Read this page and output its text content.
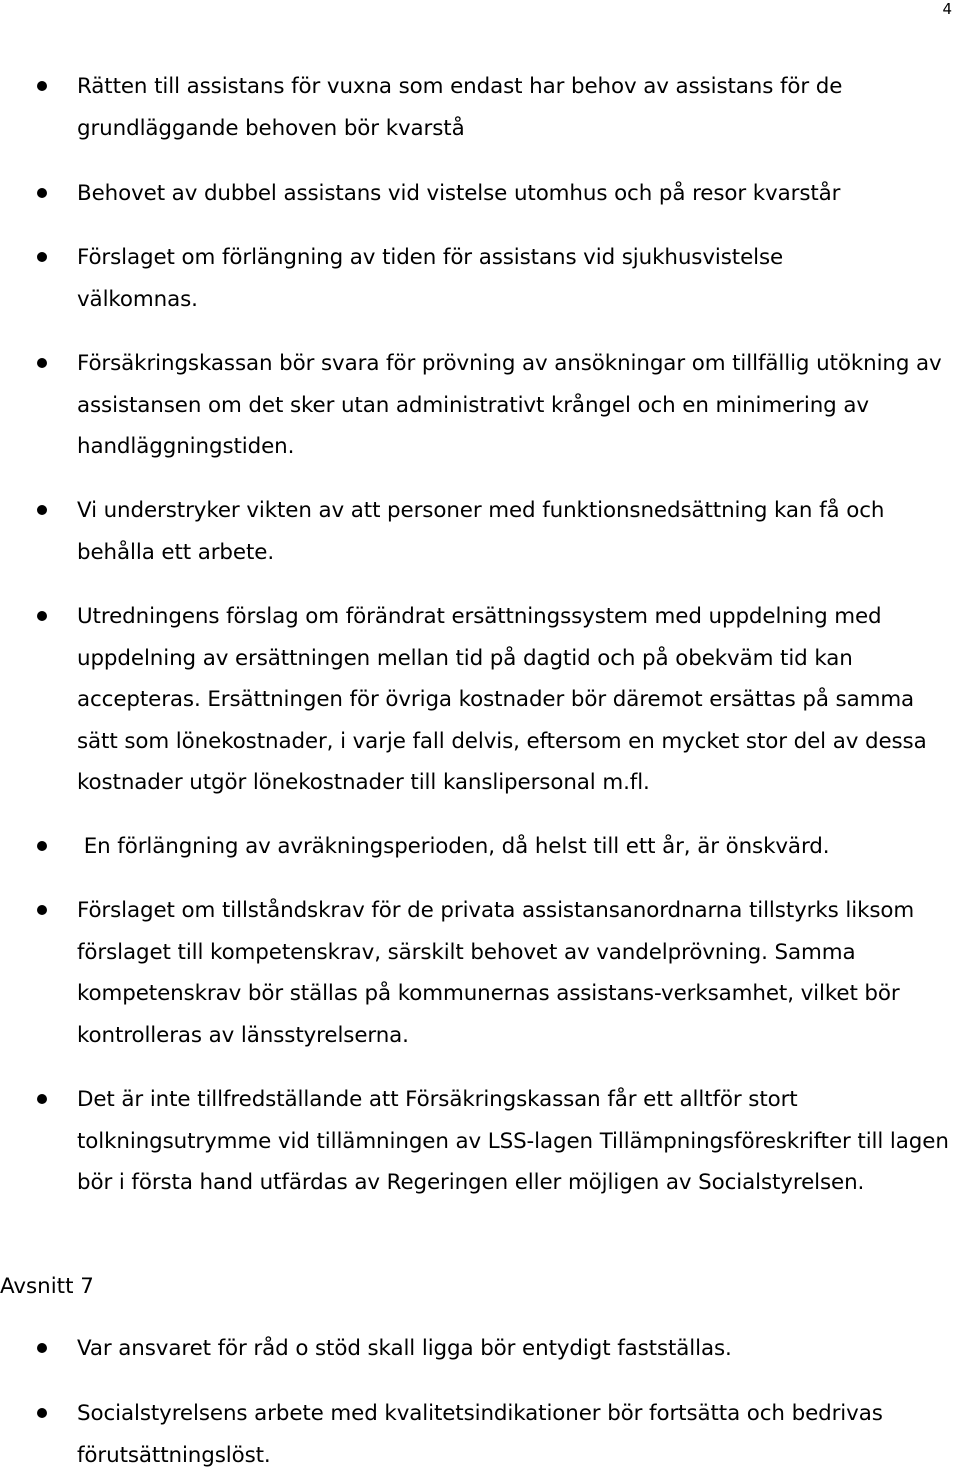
4
Rätten till assistans för vuxna som endast har behov av assistans för de grundläggande behoven bör kvarstå
Behovet av dubbel assistans vid vistelse utomhus och på resor kvarstår
Förslaget om förlängning av tiden för assistans vid sjukhusvistelse välkomnas.
Försäkringskassan bör svara för prövning av ansökningar om tillfällig utökning av assistansen om det sker utan administrativt krångel och en minimering av handläggningstiden.
Vi understryker vikten av att personer med funktionsnedsättning kan få och behålla ett arbete.
Utredningens förslag om förändrat ersättningssystem med uppdelning med uppdelning av ersättningen mellan tid på dagtid och på obekväm tid kan accepteras. Ersättningen för övriga kostnader bör däremot ersättas på samma sätt som lönekostnader, i varje fall delvis, eftersom en mycket stor del av dessa kostnader utgör lönekostnader till kanslipersonal m.fl.
En förlängning av avräkningsperioden, då helst till ett år, är önskvärd.
Förslaget om tillståndskrav för de privata assistansanordnarna tillstyrks liksom förslaget till kompetenskrav, särskilt behovet av vandelprövning. Samma kompetenskrav bör ställas på kommunernas assistans-verksamhet, vilket bör kontrolleras av länsstyrelserna.
Det är inte tillfredställande att Försäkringskassan får ett alltför stort tolkningsutrymme vid tillämningen av LSS-lagen Tillämpningsföreskrifter till lagen bör i första hand utfärdas av Regeringen eller möjligen av Socialstyrelsen.
Avsnitt 7
Var ansvaret för råd o stöd skall ligga bör entydigt fastställas.
Socialstyrelsens arbete med kvalitetsindikationer bör fortsätta och bedrivas förutsättningslöst.
